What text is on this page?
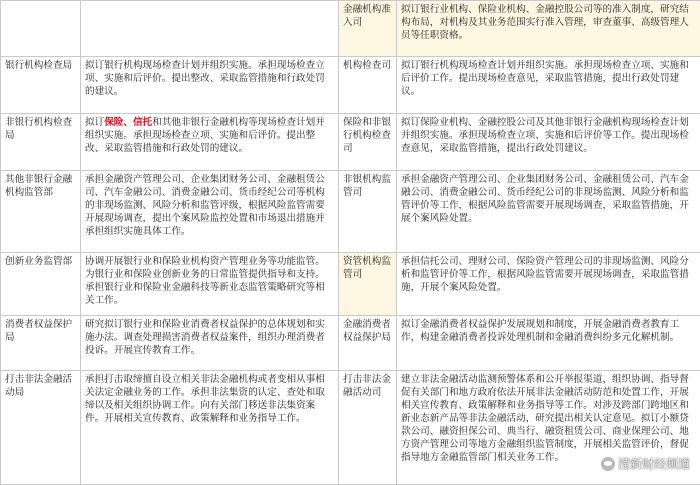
		金融机构准入司	拟订银行业机构、保险业机构、金融控股公司等的准入制度，研究结构布局，对机构及其业务范围实行准入管理，审查董事、高级管理人员等任职资格。
银行机构检查局	拟订银行机构现场检查计划并组织实施。承担现场检查立项、实施和后评价。提出整改、采取监管措施和行政处罚的建议。	机构检查司	拟订银行机构现场检查计划并组织实施。承担现场检查立项、实施和后评价工作。提出现场检查意见，采取监管措施，提出行政处罚建议。
非银行机构检查局	拟订保险、信托和其他非银行金融机构等现场检查计划并组织实施。承担现场检查立项、实施和后评价。提出整改、采取监管措施和行政处罚的建议。	保险和非银行机构检查司	拟订保险业机构、金融控股公司及其他非银行金融机构现场检查计划并组织实施。承担现场检查立项、实施和后评价等工作。提出现场检查意见，采取监管措施，提出行政处罚建议。
其他非银行金融机构监管部	承担金融资产管理公司、企业集团财务公司、金融租赁公司、汽车金融公司、消费金融公司、货币经纪公司等机构的非现场监测、风险分析和监管评级，根据风险监管需要开展现场调查，提出个案风险监控处置和市场退出措施并承担组织实施具体工作。	非银机构监管司	承担金融资产管理公司、企业集团财务公司、金融租赁公司、汽车金融公司、消费金融公司、货币经纪公司的非现场监测、风险分析和监管评价等工作，根据风险监管需要开展现场调查，采取监管措施，开展个案风险处置。
创新业务监管部	协调开展银行业和保险业机构资产管理业务等功能监管。为银行业和保险业创新业务的日常监管提供指导和支持。承担银行业和保险业金融科技等新业态监管策略研究等相关工作。	资管机构监管司	承担信托公司、理财公司、保险资产管理公司的非现场监测、风险分析和监管评价等工作，根据风险监管需要开展现场调查，采取监管措施，开展个案风险处置。
消费者权益保护局	研究拟订银行业和保险业消费者权益保护的总体规划和实施办法。调查处理损害消费者权益案件，组织办理消费者投诉。开展宣传教育工作。	金融消费者权益保护局	拟订金融消费者权益保护发展规划和制度，开展金融消费者教育工作，构建金融消费者投诉处理机制和金融消费纠纷多元化解机制。
打击非法金融活动局	承担打击取缔擅自设立相关非法金融机构或者变相从事相关法定金融业务的工作。承担非法集资的认定、查处和取缔以及相关组织协调工作。向有关部门移送非法集资案件。开展相关宣传教育、政策解释和业务指导工作。	打击非法金融活动司	建立非法金融活动监测预警体系和公开举报渠道，组织协调、指导督促有关部门和地方政府依法开展非法金融活动防范和处置工作，开展相关宣传教育、政策解释和业务指导等工作。对涉及跨部门跨地区和新业态新产品等非法金融活动，研究提出相关认定意见。拟订小额贷款公司、融资担保公司、典当行、融资租赁公司、商业保理公司、地方资产管理公司等地方金融组织监管制度，开展相关监管评价，督促指导地方金融监管部门相关业务工作。	滢新财经频道
